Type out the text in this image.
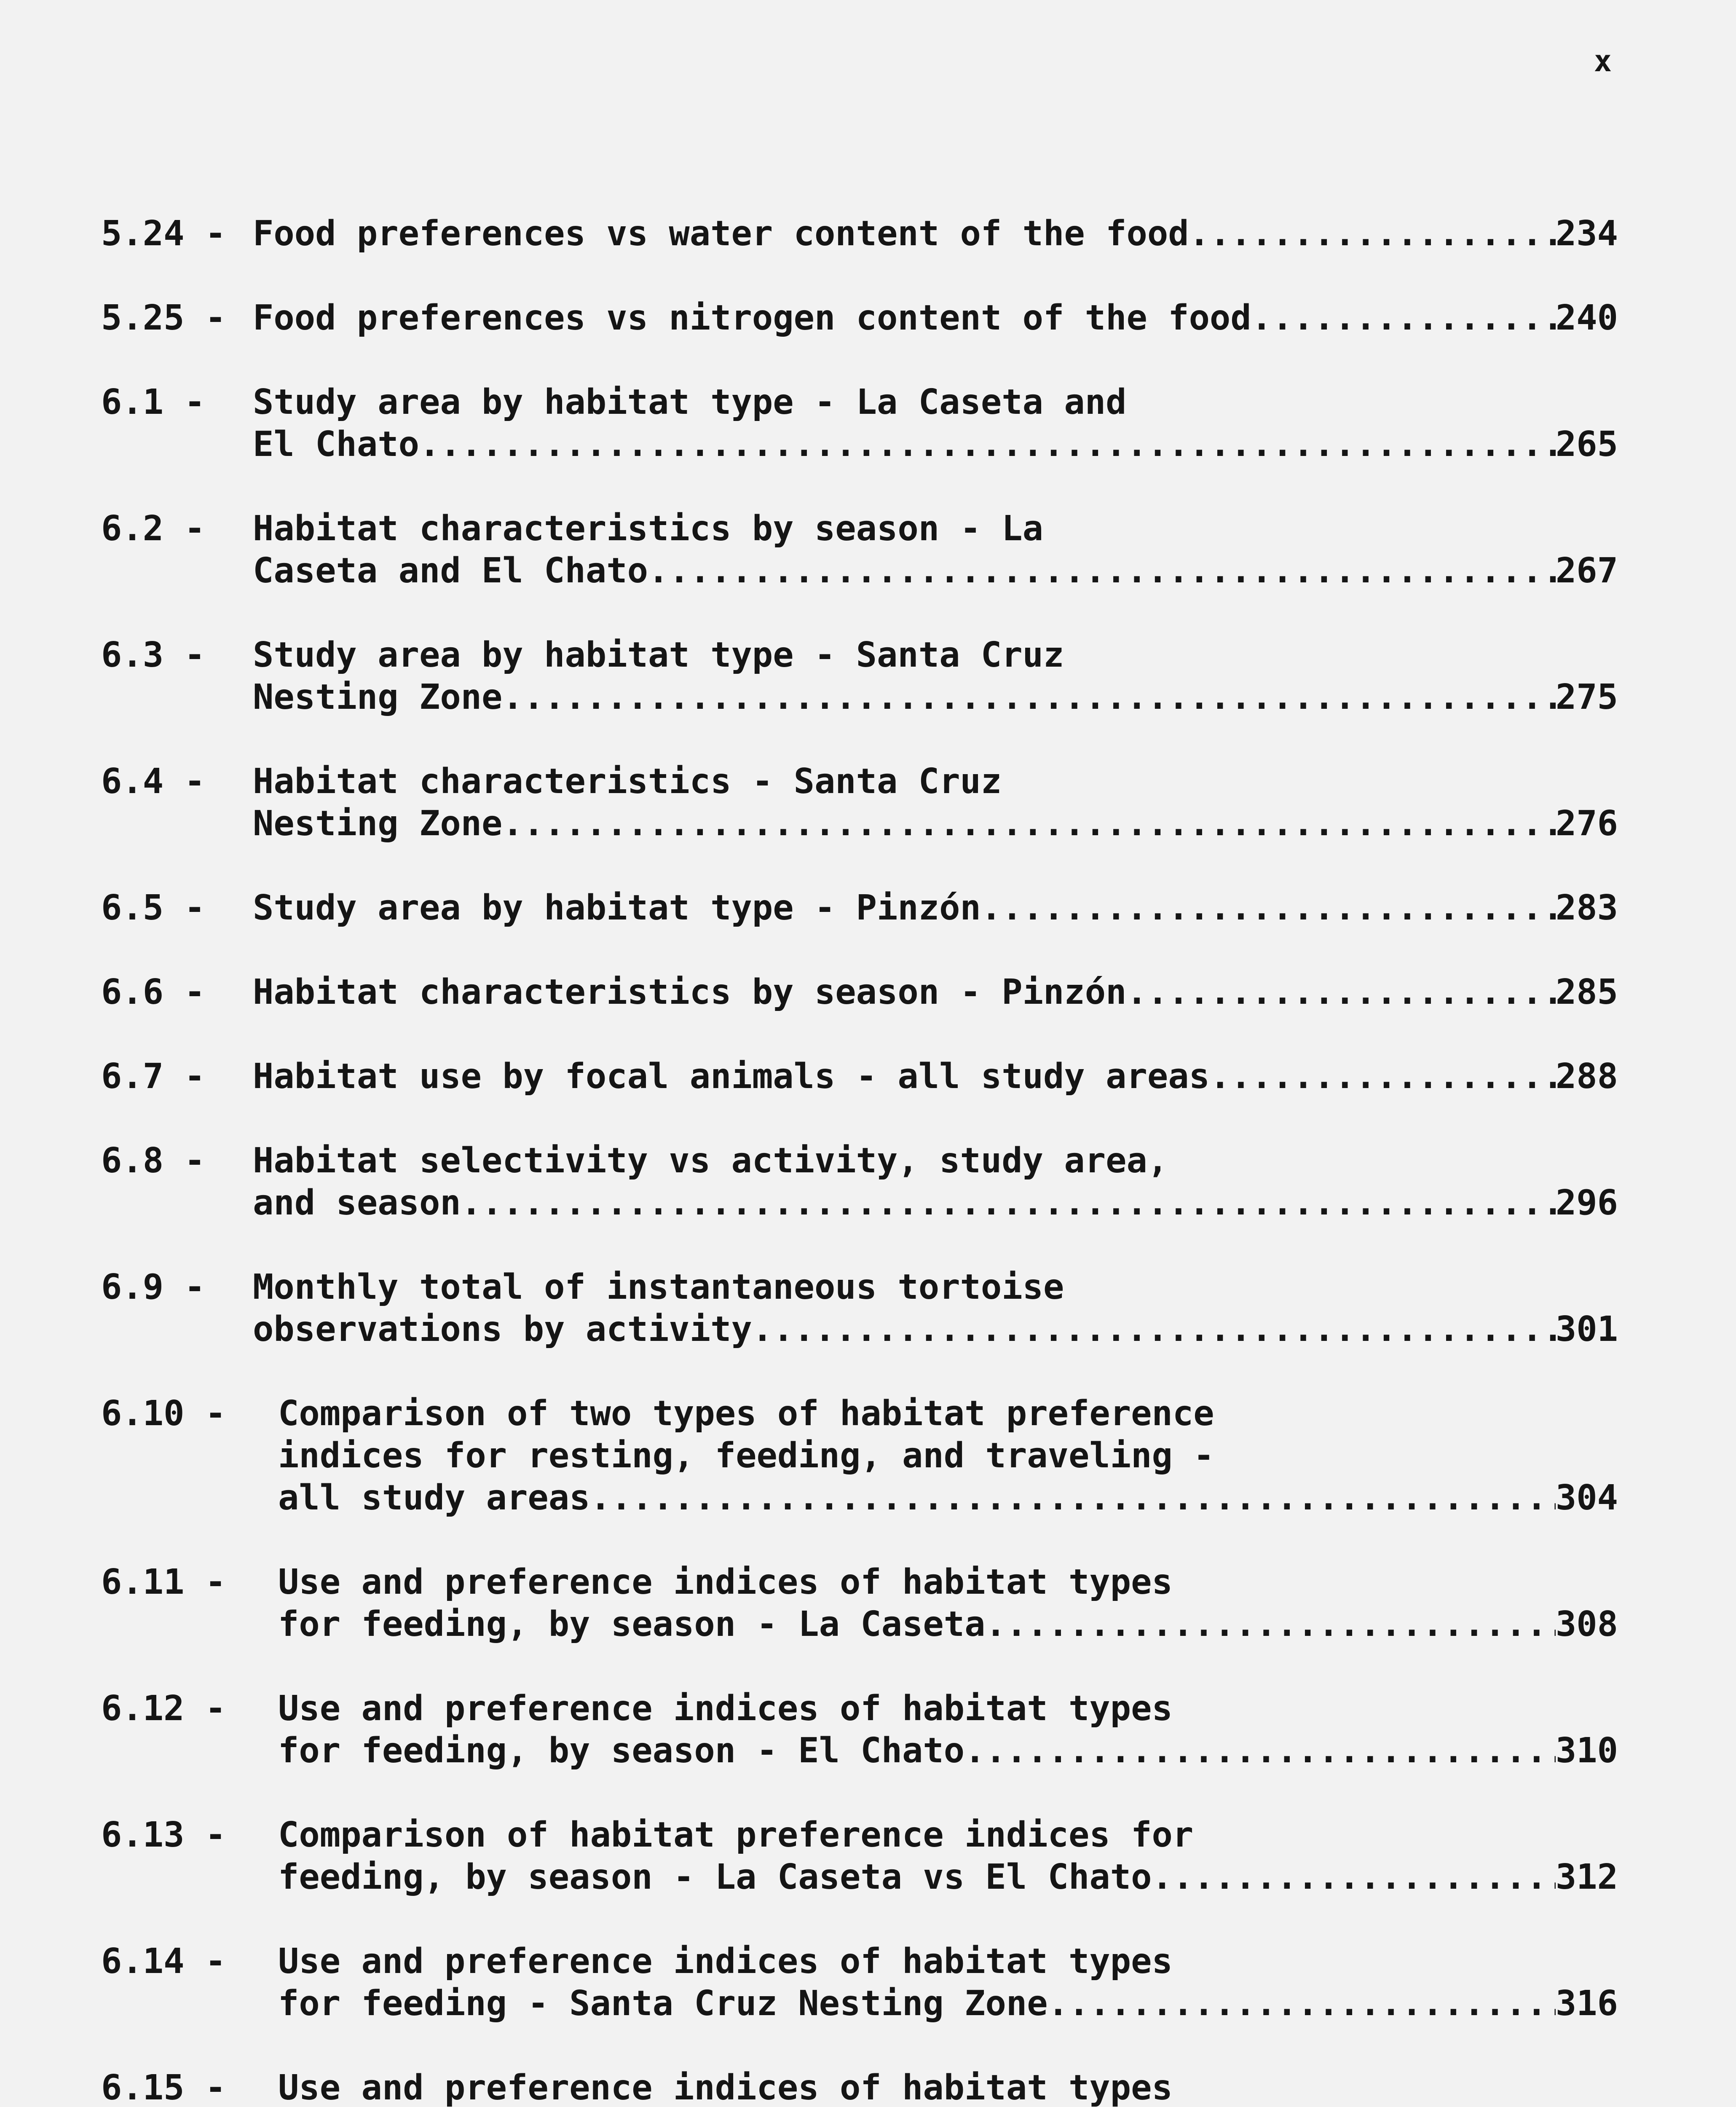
x
5.24 - Food preferences vs water content of the food .....	234
5.25 - Food preferences vs nitrogen content of the food .....	240
6.1 -	Study area by habitat type - La Caseta and
El Chato .....	265
6.2 -	Habitat characteristics by season - La
Caseta and El Chato .....	267
6.3 -	Study area by habitat type - Santa Cruz
Nesting Zone .....	275
6.4 -	Habitat characteristics - Santa Cruz
Nesting Zone .....	276
6.5 -	Study area by habitat type - Pinzón .....	283
6.6 -	Habitat characteristics by season - Pinzón .....	285
6.7 -	Habitat use by focal animals - all study areas .....	288
6.8 -	Habitat selectivity vs activity, study area,
and season .....	296
6.9 -	Monthly total of instantaneous tortoise
observations by activity .....	301
6.10 -	Comparison of two types of habitat preference
indices for resting, feeding, and traveling -
all study areas .....	304
6.11 -	Use and preference indices of habitat types
for feeding, by season - La Caseta .....	308
6.12 -	Use and preference indices of habitat types
for feeding, by season - El Chato .....	310
6.13 -	Comparison of habitat preference indices for
feeding, by season - La Caseta vs El Chato .....	312
6.14 -	Use and preference indices of habitat types
for feeding - Santa Cruz Nesting Zone .....	316
6.15 -	Use and preference indices of habitat types
